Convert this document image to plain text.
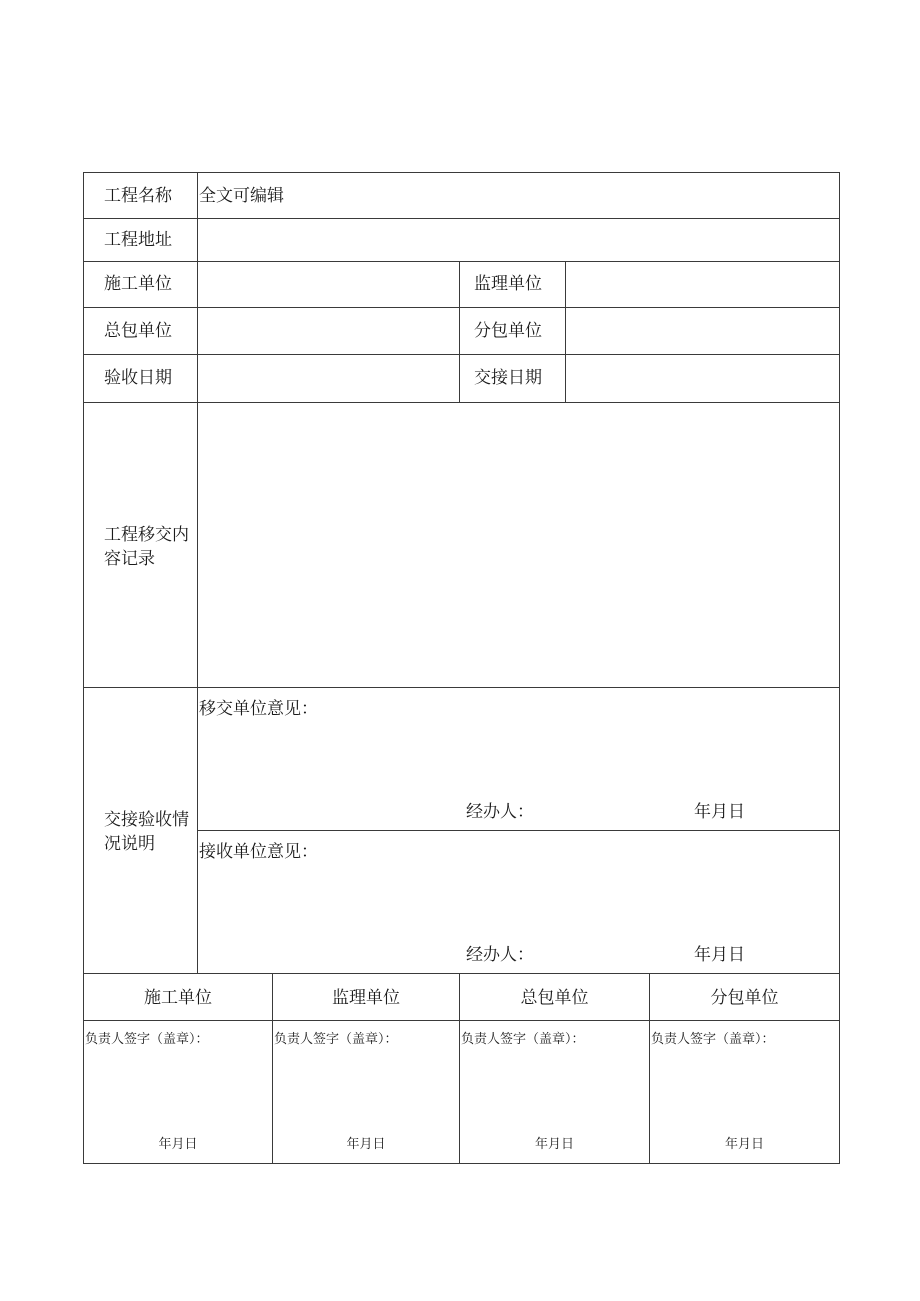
工程名称 全文可编辑
工程地址
施工单位	监理单位
总包单位	分包单位
验收日期	交接日期
工程移交内容记录
交接验收情况说明
移交单位意见：
经办人：	年月日
接收单位意见：
经办人：	年月日
施工单位	监理单位	总包单位	分包单位
负责人签字（盖章）：	负责人签字（盖章）：	负责人签字（盖章）：	负责人签字（盖章）：
年月日	年月日	年月日	年月日
